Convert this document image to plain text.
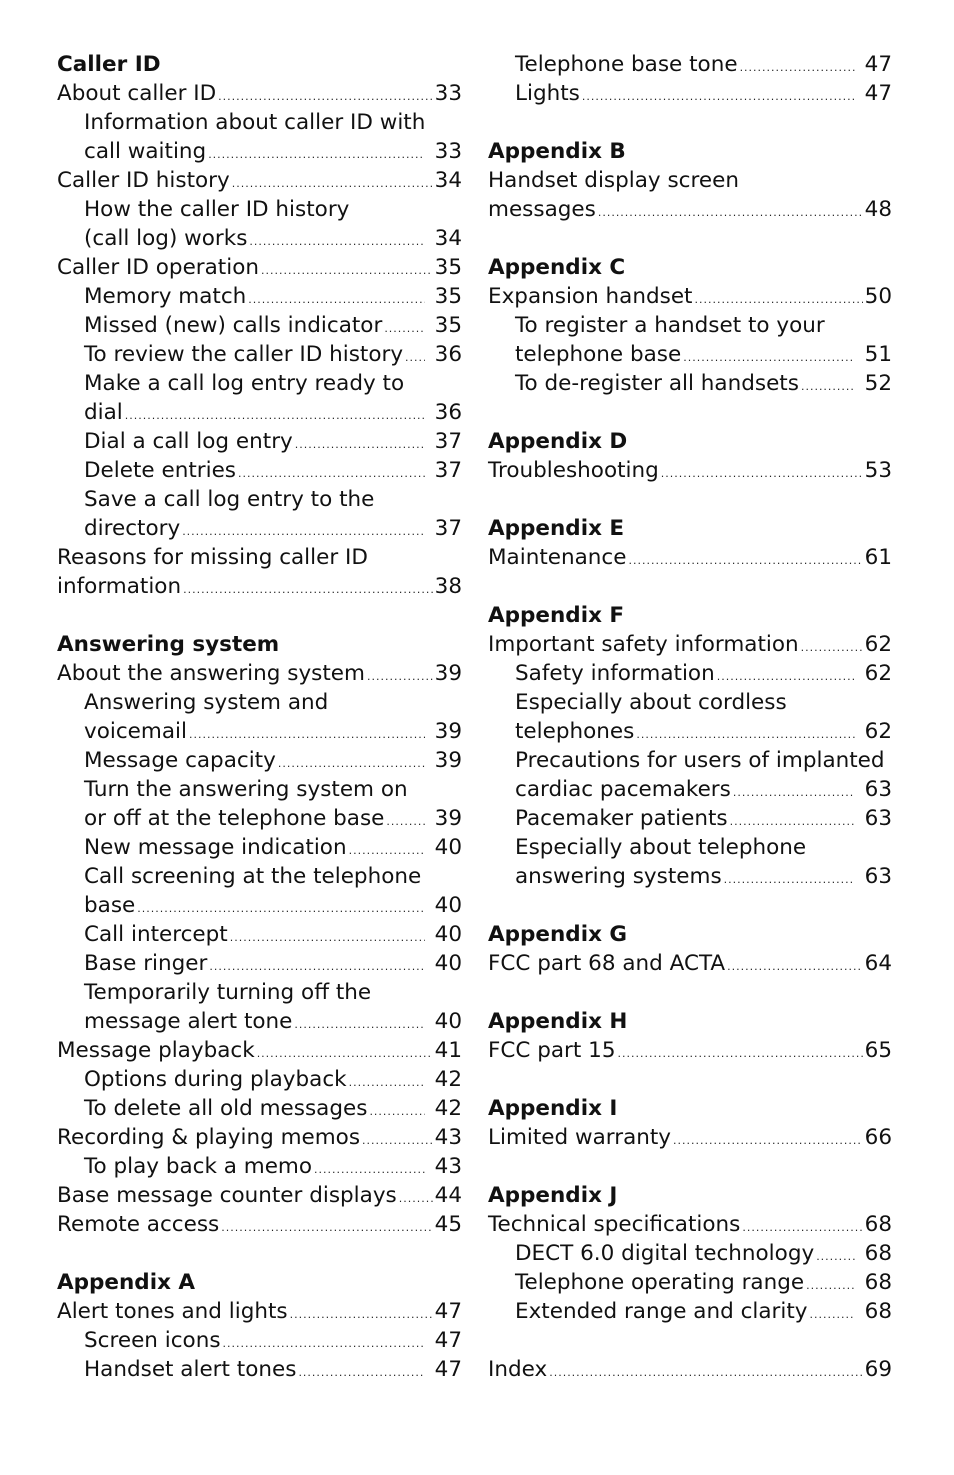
Caller ID
About caller ID .....	33
Information about caller ID with
call waiting .....	33
Caller ID history .....	34
How the caller ID history
(call log) works .....	34
Caller ID operation .....	35
Memory match .....	35
Missed (new) calls indicator ..... 35
To review the caller ID history ..... 36
Make a call log entry ready to
dial .....	36
Dial a call log entry .....	37
Delete entries .....	37
Save a call log entry to the
directory .....	37
Reasons for missing caller ID
information .....	38
Answering system
About the answering system .....	39
Answering system and
voicemail .....	39
Message capacity .....	39
Turn the answering system on
or off at the telephone base ..... 39
New message indication .....	40
Call screening at the telephone
base .....	40
Call intercept .....	40
Base ringer .....	40
Temporarily turning off the
message alert tone .....	40
Message playback .....	41
Options during playback .....	42
To delete all old messages .....	42
Recording & playing memos .....	43
To play back a memo .....	43
Base message counter displays ..... 44
Remote access .....	45
Appendix A
Alert tones and lights .....	47
Screen icons .....	47
Handset alert tones .....	47
Telephone base tone .....	47
Lights .....	47
Appendix B
Handset display screen
messages .....	48
Appendix C
Expansion handset .....	50
To register a handset to your
telephone base .....	51
To de-register all handsets .....	52
Appendix D
Troubleshooting .....	53
Appendix E
Maintenance .....	61
Appendix F
Important safety information .....	62
Safety information .....	62
Especially about cordless
telephones .....	62
Precautions for users of implanted
cardiac pacemakers .....	63
Pacemaker patients .....	63
Especially about telephone
answering systems .....	63
Appendix G
FCC part 68 and ACTA .....	64
Appendix H
FCC part 15 .....	65
Appendix I
Limited warranty .....	66
Appendix J
Technical specifications .....	68
DECT 6.0 digital technology ..... 68
Telephone operating range .....	68
Extended range and clarity .....	68
Index .....	69
